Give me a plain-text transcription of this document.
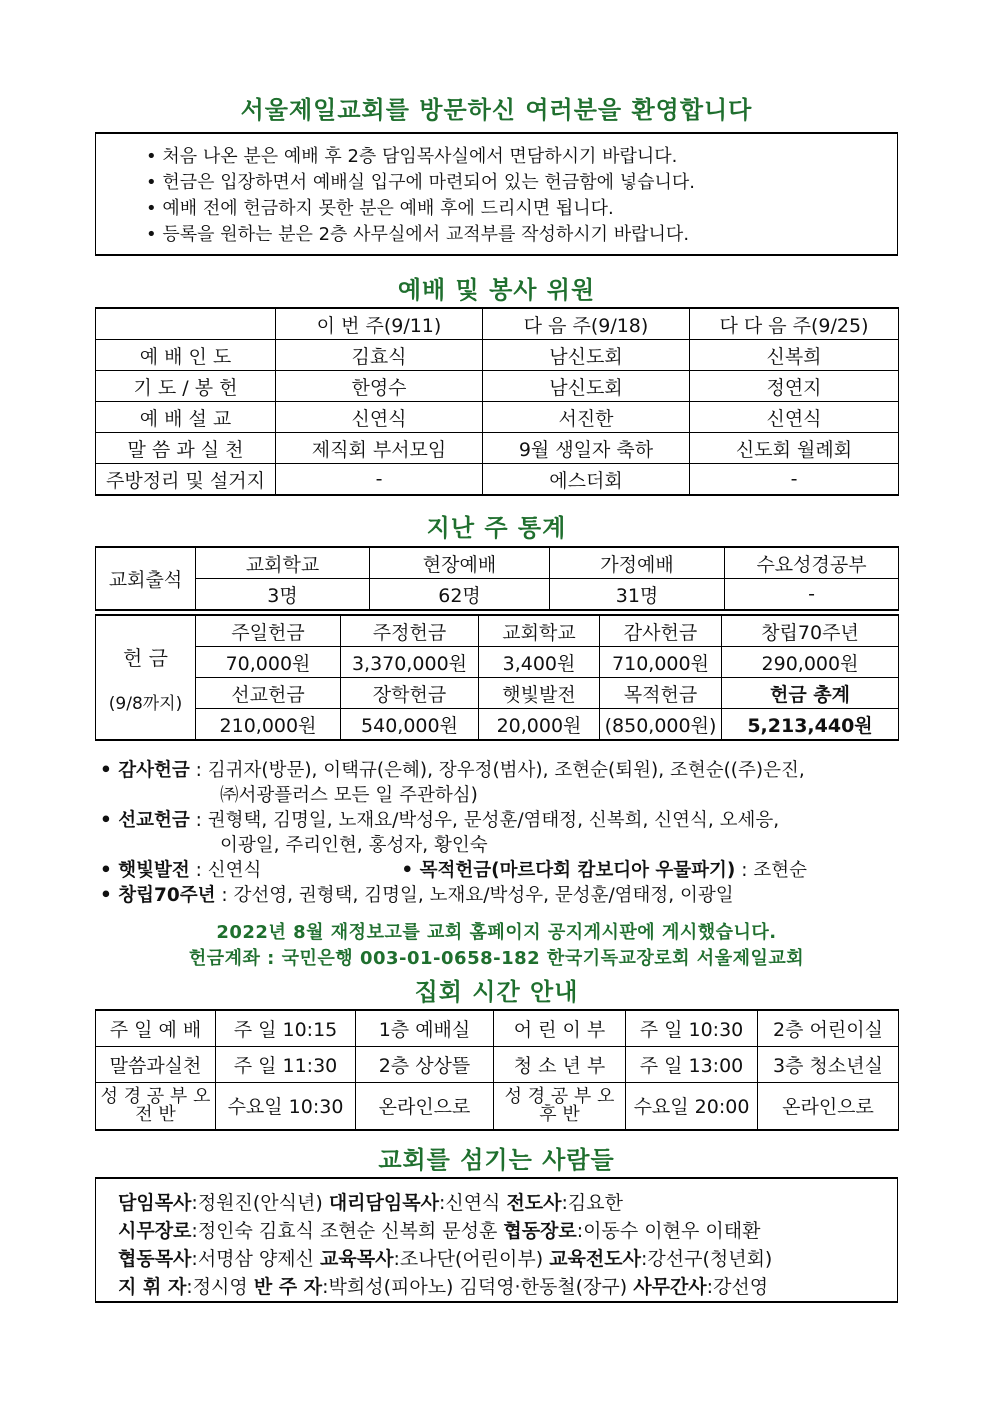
서울제일교회를 방문하신 여러분을 환영합니다
• 처음 나온 분은 예배 후 2층 담임목사실에서 면담하시기 바랍니다.
• 헌금은 입장하면서 예배실 입구에 마련되어 있는 헌금함에 넣습니다.
• 예배 전에 헌금하지 못한 분은 예배 후에 드리시면 됩니다.
• 등록을 원하는 분은 2층 사무실에서 교적부를 작성하시기 바랍니다.
예배 및 봉사 위원
	이 번 주(9/11)	다 음 주(9/18)	다 다 음 주(9/25)
예 배 인 도	김효식	남신도회	신복희
기 도 / 봉 헌	한영수	남신도회	정연지
예 배 설 교	신연식	서진한	신연식
말 씀 과 실 천	제직회 부서모임	9월 생일자 축하	신도회 월례회
주방정리 및 설거지	-	에스더회	-
지난 주 통계
교회출석	교회학교	현장예배	가정예배	수요성경공부
	3명	62명	31명	-
헌 금
(9/8까지)	주일헌금	주정헌금	교회학교	감사헌금	창립70주년
	70,000원	3,370,000원	3,400원	710,000원	290,000원
	선교헌금	장학헌금	햇빛발전	목적헌금	헌금 총계
	210,000원	540,000원	20,000원	(850,000원)	5,213,440원
• 감사헌금 : 김귀자(방문), 이택규(은혜), 장우정(범사), 조현순(퇴원), 조현순((주)은진,
㈜서광플러스 모든 일 주관하심)
• 선교헌금 : 권형택, 김명일, 노재요/박성우, 문성훈/염태정, 신복희, 신연식, 오세응,
이광일, 주리인현, 홍성자, 황인숙
• 햇빛발전 : 신연식	• 목적헌금(마르다회 캄보디아 우물파기) : 조현순
• 창립70주년 : 강선영, 권형택, 김명일, 노재요/박성우, 문성훈/염태정, 이광일
2022년 8월 재정보고를 교회 홈페이지 공지게시판에 게시했습니다.
헌금계좌 : 국민은행 003-01-0658-182 한국기독교장로회 서울제일교회
집회 시간 안내
주 일 예 배	주 일 10:15	1층 예배실	어 린 이 부	주 일 10:30	2층 어린이실
말씀과실천	주 일 11:30	2층 상상뜰	청 소 년 부	주 일 13:00	3층 청소년실
성 경 공 부 오 전 반	수요일 10:30	온라인으로	성 경 공 부 오 후 반	수요일 20:00	온라인으로
교회를 섬기는 사람들
담임목사:정원진(안식년) 대리담임목사:신연식 전도사:김요한
시무장로:정인숙 김효식 조현순 신복희 문성훈 협동장로:이동수 이현우 이태환
협동목사:서명삼 양제신 교육목사:조나단(어린이부) 교육전도사:강선구(청년회)
지 휘 자:정시영 반 주 자:박희성(피아노) 김덕영·한동철(장구) 사무간사:강선영
